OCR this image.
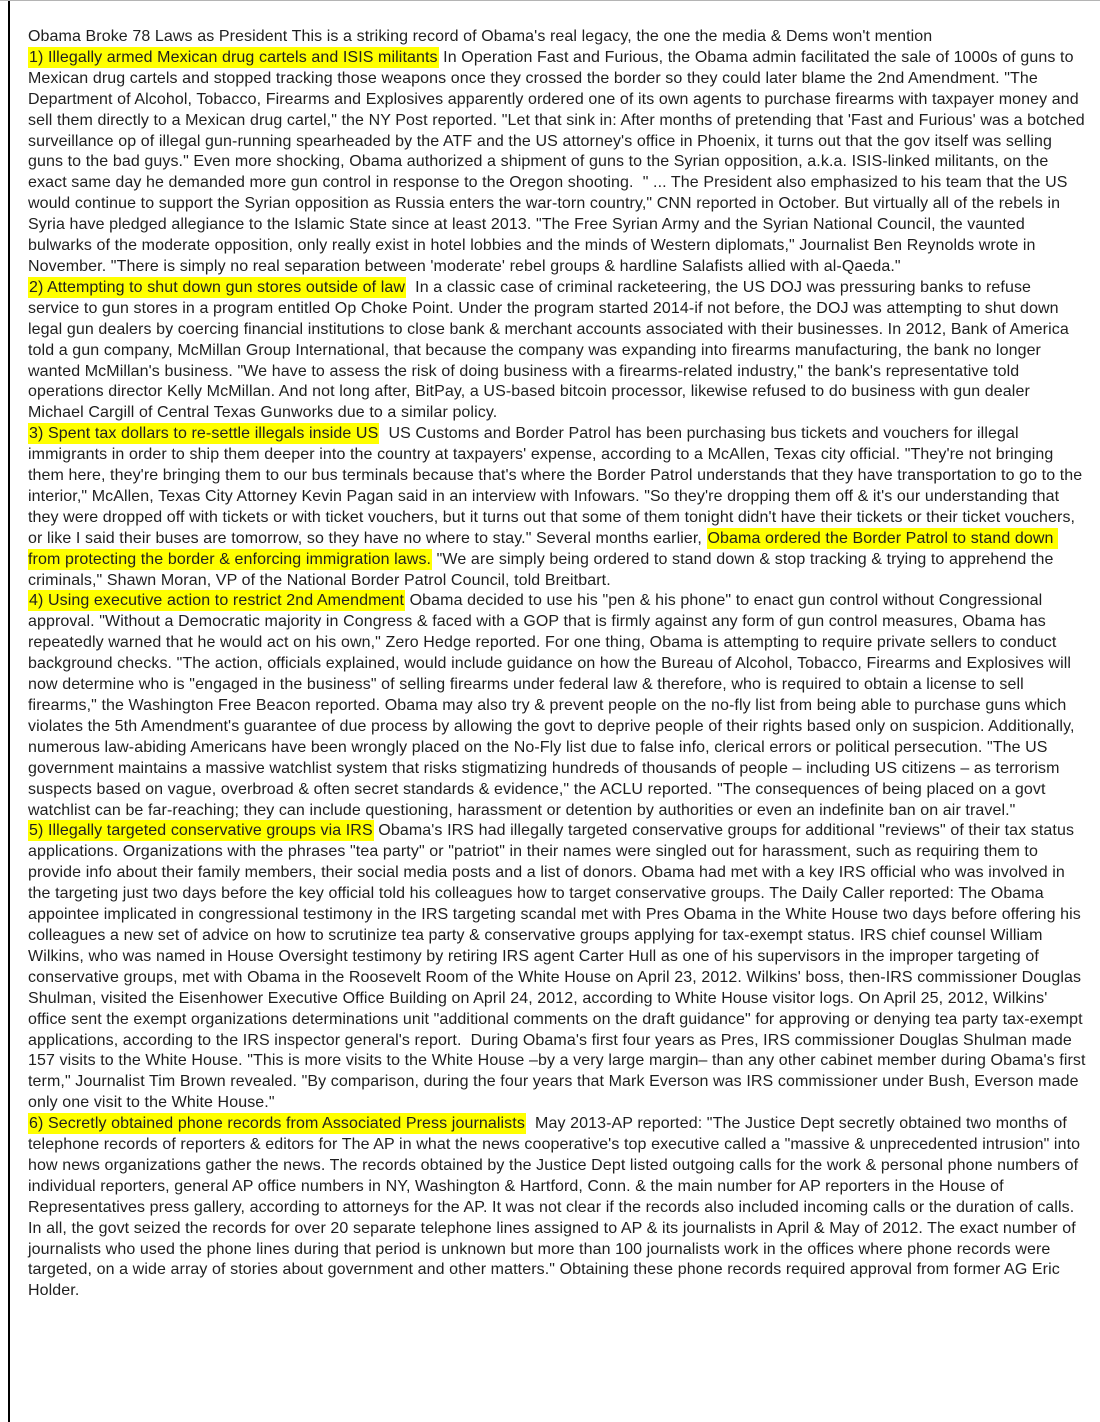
Obama Broke 78 Laws as President This is a striking record of Obama's real legacy, the one the media & Dems won't mention

1) Illegally armed Mexican drug cartels and ISIS militants In Operation Fast and Furious, the Obama admin facilitated the sale of 1000s of guns to Mexican drug cartels and stopped tracking those weapons once they crossed the border so they could later blame the 2nd Amendment. "The Department of Alcohol, Tobacco, Firearms and Explosives apparently ordered one of its own agents to purchase firearms with taxpayer money and sell them directly to a Mexican drug cartel," the NY Post reported. "Let that sink in: After months of pretending that 'Fast and Furious' was a botched surveillance op of illegal gun-running spearheaded by the ATF and the US attorney's office in Phoenix, it turns out that the gov itself was selling guns to the bad guys." Even more shocking, Obama authorized a shipment of guns to the Syrian opposition, a.k.a. ISIS-linked militants, on the exact same day he demanded more gun control in response to the Oregon shooting.  " ... The President also emphasized to his team that the US would continue to support the Syrian opposition as Russia enters the war-torn country," CNN reported in October. But virtually all of the rebels in Syria have pledged allegiance to the Islamic State since at least 2013. "The Free Syrian Army and the Syrian National Council, the vaunted bulwarks of the moderate opposition, only really exist in hotel lobbies and the minds of Western diplomats," Journalist Ben Reynolds wrote in November. "There is simply no real separation between 'moderate' rebel groups & hardline Salafists allied with al-Qaeda."

2) Attempting to shut down gun stores outside of law  In a classic case of criminal racketeering, the US DOJ was pressuring banks to refuse service to gun stores in a program entitled Op Choke Point. Under the program started 2014-if not before, the DOJ was attempting to shut down legal gun dealers by coercing financial institutions to close bank & merchant accounts associated with their businesses. In 2012, Bank of America told a gun company, McMillan Group International, that because the company was expanding into firearms manufacturing, the bank no longer wanted McMillan's business. "We have to assess the risk of doing business with a firearms-related industry," the bank's representative told operations director Kelly McMillan. And not long after, BitPay, a US-based bitcoin processor, likewise refused to do business with gun dealer Michael Cargill of Central Texas Gunworks due to a similar policy.

3) Spent tax dollars to re-settle illegals inside US  US Customs and Border Patrol has been purchasing bus tickets and vouchers for illegal immigrants in order to ship them deeper into the country at taxpayers' expense, according to a McAllen, Texas city official. "They're not bringing them here, they're bringing them to our bus terminals because that's where the Border Patrol understands that they have transportation to go to the interior," McAllen, Texas City Attorney Kevin Pagan said in an interview with Infowars. "So they're dropping them off & it's our understanding that they were dropped off with tickets or with ticket vouchers, but it turns out that some of them tonight didn't have their tickets or their ticket vouchers, or like I said their buses are tomorrow, so they have no where to stay." Several months earlier, Obama ordered the Border Patrol to stand down from protecting the border & enforcing immigration laws. "We are simply being ordered to stand down & stop tracking & trying to apprehend the criminals," Shawn Moran, VP of the National Border Patrol Council, told Breitbart.

4) Using executive action to restrict 2nd Amendment Obama decided to use his "pen & his phone" to enact gun control without Congressional approval. "Without a Democratic majority in Congress & faced with a GOP that is firmly against any form of gun control measures, Obama has repeatedly warned that he would act on his own," Zero Hedge reported. For one thing, Obama is attempting to require private sellers to conduct background checks. "The action, officials explained, would include guidance on how the Bureau of Alcohol, Tobacco, Firearms and Explosives will now determine who is "engaged in the business" of selling firearms under federal law & therefore, who is required to obtain a license to sell firearms," the Washington Free Beacon reported. Obama may also try & prevent people on the no-fly list from being able to purchase guns which violates the 5th Amendment's guarantee of due process by allowing the govt to deprive people of their rights based only on suspicion. Additionally, numerous law-abiding Americans have been wrongly placed on the No-Fly list due to false info, clerical errors or political persecution. "The US government maintains a massive watchlist system that risks stigmatizing hundreds of thousands of people – including US citizens – as terrorism suspects based on vague, overbroad & often secret standards & evidence," the ACLU reported. "The consequences of being placed on a govt watchlist can be far-reaching; they can include questioning, harassment or detention by authorities or even an indefinite ban on air travel."

5) Illegally targeted conservative groups via IRS Obama's IRS had illegally targeted conservative groups for additional "reviews" of their tax status applications. Organizations with the phrases "tea party" or "patriot" in their names were singled out for harassment, such as requiring them to provide info about their family members, their social media posts and a list of donors. Obama had met with a key IRS official who was involved in the targeting just two days before the key official told his colleagues how to target conservative groups. The Daily Caller reported: The Obama appointee implicated in congressional testimony in the IRS targeting scandal met with Pres Obama in the White House two days before offering his colleagues a new set of advice on how to scrutinize tea party & conservative groups applying for tax-exempt status. IRS chief counsel William Wilkins, who was named in House Oversight testimony by retiring IRS agent Carter Hull as one of his supervisors in the improper targeting of conservative groups, met with Obama in the Roosevelt Room of the White House on April 23, 2012. Wilkins' boss, then-IRS commissioner Douglas Shulman, visited the Eisenhower Executive Office Building on April 24, 2012, according to White House visitor logs. On April 25, 2012, Wilkins' office sent the exempt organizations determinations unit "additional comments on the draft guidance" for approving or denying tea party tax-exempt applications, according to the IRS inspector general's report.  During Obama's first four years as Pres, IRS commissioner Douglas Shulman made 157 visits to the White House. "This is more visits to the White House –by a very large margin– than any other cabinet member during Obama's first term," Journalist Tim Brown revealed. "By comparison, during the four years that Mark Everson was IRS commissioner under Bush, Everson made only one visit to the White House."

6) Secretly obtained phone records from Associated Press journalists  May 2013-AP reported: "The Justice Dept secretly obtained two months of telephone records of reporters & editors for The AP in what the news cooperative's top executive called a "massive & unprecedented intrusion" into how news organizations gather the news. The records obtained by the Justice Dept listed outgoing calls for the work & personal phone numbers of individual reporters, general AP office numbers in NY, Washington & Hartford, Conn. & the main number for AP reporters in the House of Representatives press gallery, according to attorneys for the AP. It was not clear if the records also included incoming calls or the duration of calls. In all, the govt seized the records for over 20 separate telephone lines assigned to AP & its journalists in April & May of 2012. The exact number of journalists who used the phone lines during that period is unknown but more than 100 journalists work in the offices where phone records were targeted, on a wide array of stories about government and other matters." Obtaining these phone records required approval from former AG Eric Holder.
